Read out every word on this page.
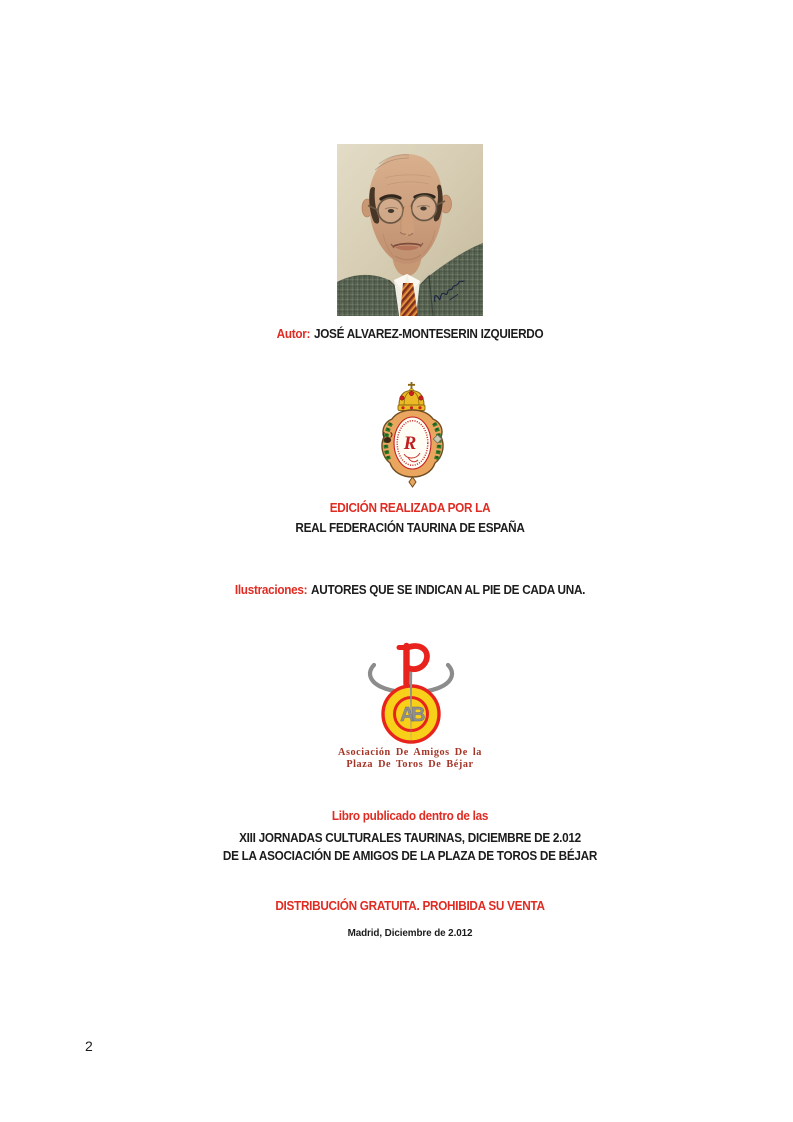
Autor: JOSÉ ALVAREZ-MONTESERIN IZQUIERDO
R
EDICIÓN REALIZADA POR LA
REAL FEDERACIÓN TAURINA DE ESPAÑA
Ilustraciones: AUTORES QUE SE INDICAN AL PIE DE CADA UNA.
AB
Asociación De Amigos De la
Plaza De Toros De Béjar
Libro publicado dentro de las
XIII JORNADAS CULTURALES TAURINAS, DICIEMBRE DE 2.012
DE LA ASOCIACIÓN DE AMIGOS DE LA PLAZA DE TOROS DE BÉJAR
DISTRIBUCIÓN GRATUITA. PROHIBIDA SU VENTA
Madrid, Diciembre de 2.012
2
